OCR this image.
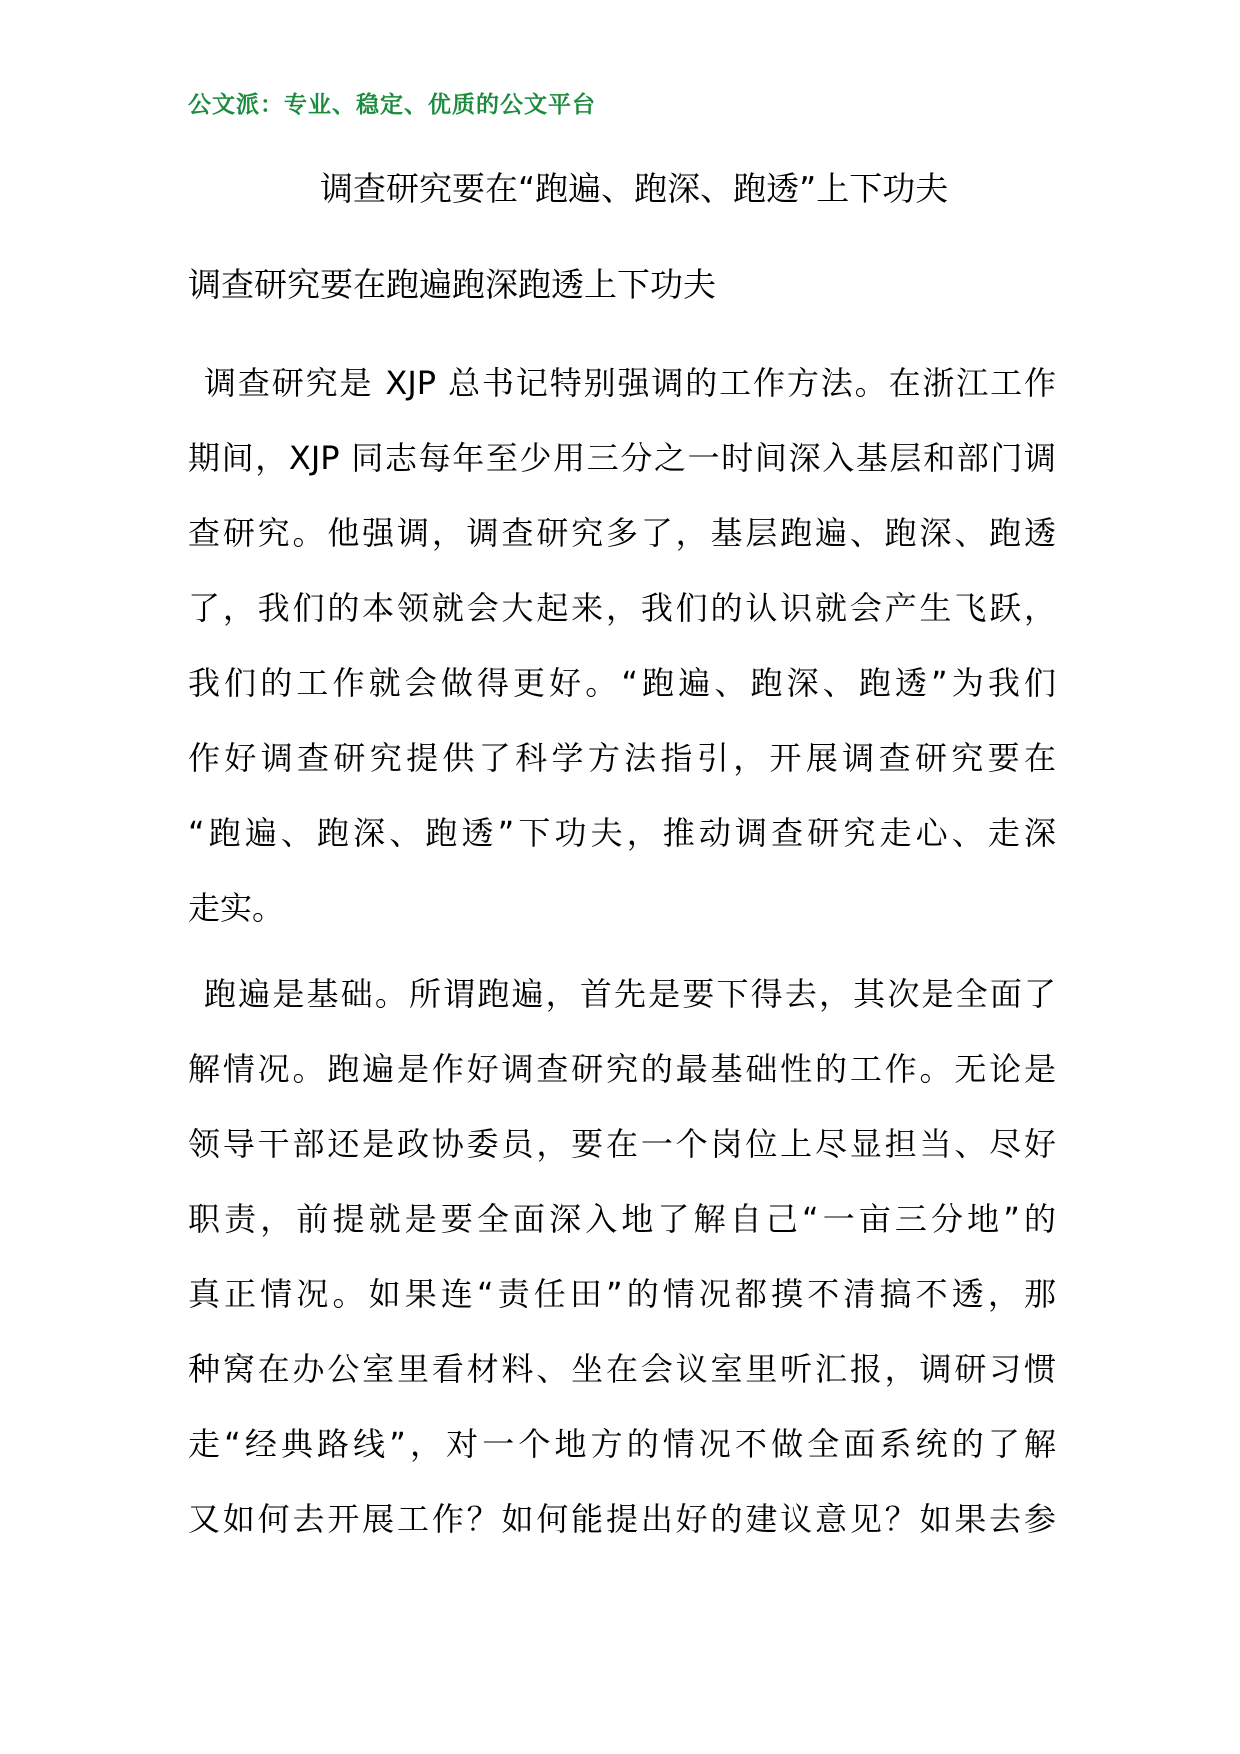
公文派：专业、稳定、优质的公文平台
调查研究要在“跑遍、跑深、跑透”上下功夫
调查研究要在跑遍跑深跑透上下功夫
调查研究是 XJP 总书记特别强调的工作方法。在浙江工作
期间，XJP 同志每年至少用三分之一时间深入基层和部门调
查研究。他强调，调查研究多了，基层跑遍、跑深、跑透
了，我们的本领就会大起来，我们的认识就会产生飞跃，
我们的工作就会做得更好。“跑遍、跑深、跑透”为我们
作好调查研究提供了科学方法指引，开展调查研究要在
“跑遍、跑深、跑透”下功夫，推动调查研究走心、走深
走实。
跑遍是基础。所谓跑遍，首先是要下得去，其次是全面了
解情况。跑遍是作好调查研究的最基础性的工作。无论是
领导干部还是政协委员，要在一个岗位上尽显担当、尽好
职责，前提就是要全面深入地了解自己“一亩三分地”的
真正情况。如果连“责任田”的情况都摸不清搞不透，那
种窝在办公室里看材料、坐在会议室里听汇报，调研习惯
走“经典路线”，对一个地方的情况不做全面系统的了解
又如何去开展工作？如何能提出好的建议意见？如果去参
